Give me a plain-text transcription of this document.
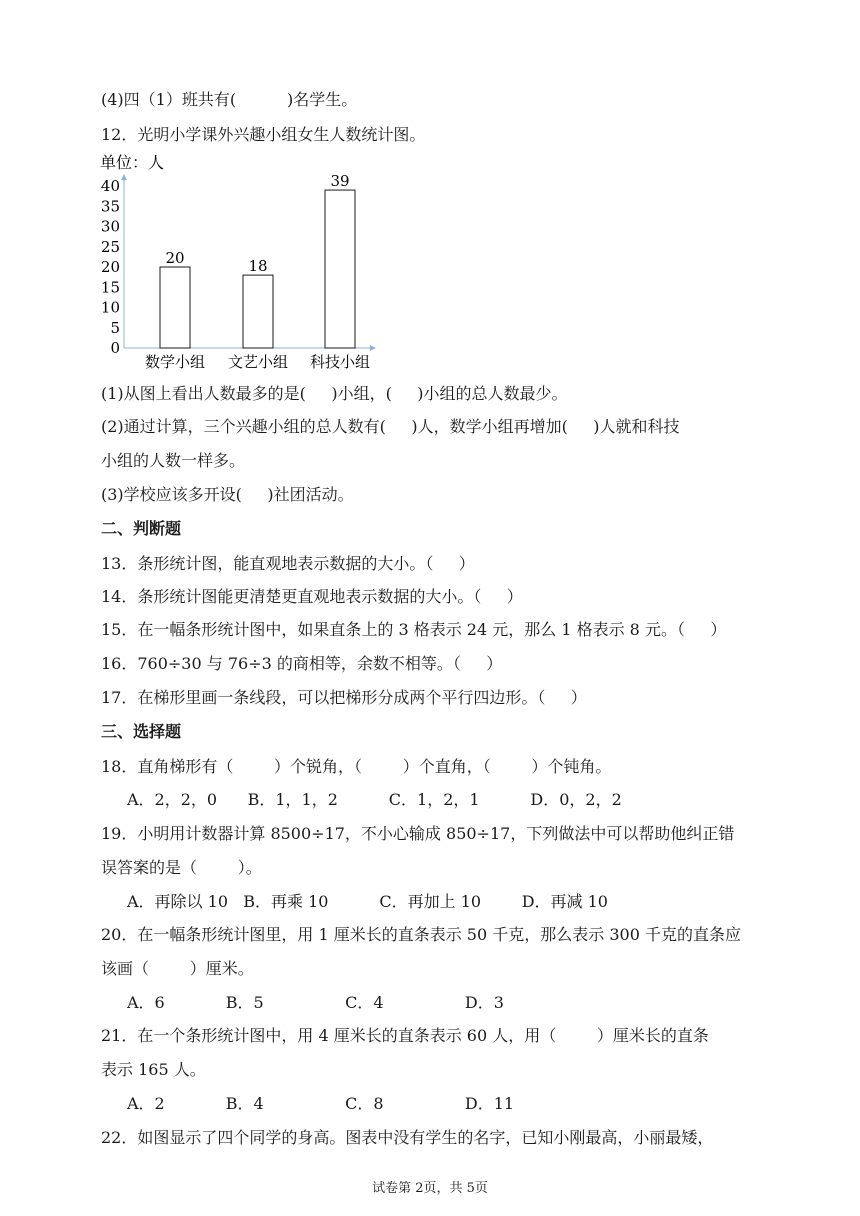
(4)四（1）班共有(          )名学生。
12．光明小学课外兴趣小组女生人数统计图。
(1)从图上看出人数最多的是(     )小组，(     )小组的总人数最少。
(2)通过计算，三个兴趣小组的总人数有(     )人，数学小组再增加(     )人就和科技
小组的人数一样多。
(3)学校应该多开设(     )社团活动。
二、判断题
13．条形统计图，能直观地表示数据的大小。（     ）
14．条形统计图能更清楚更直观地表示数据的大小。（     ）
15．在一幅条形统计图中，如果直条上的 3 格表示 24 元，那么 1 格表示 8 元。（     ）
16．760÷30 与 76÷3 的商相等，余数不相等。（     ）
17．在梯形里画一条线段，可以把梯形分成两个平行四边形。（     ）
三、选择题
18．直角梯形有（        ）个锐角，（        ）个直角，（        ）个钝角。
A．2，2，0      B．1，1，2          C．1，2，1          D．0，2，2
19．小明用计数器计算 8500÷17，不小心输成 850÷17，下列做法中可以帮助他纠正错
误答案的是（        ）。
A．再除以 10   B．再乘 10          C．再加上 10        D．再减 10
20．在一幅条形统计图里，用 1 厘米长的直条表示 50 千克，那么表示 300 千克的直条应
该画（        ）厘米。
A．6            B．5                C．4                D．3
21．在一个条形统计图中，用 4 厘米长的直条表示 60 人，用（        ）厘米长的直条
表示 165 人。
A．2            B．4                C．8                D．11
22．如图显示了四个同学的身高。图表中没有学生的名字，已知小刚最高，小丽最矮，
单位：人
0
5
10
15
20
25
30
35
40
20
数学小组
18
文艺小组
39
科技小组
试卷第 2页，共 5页
